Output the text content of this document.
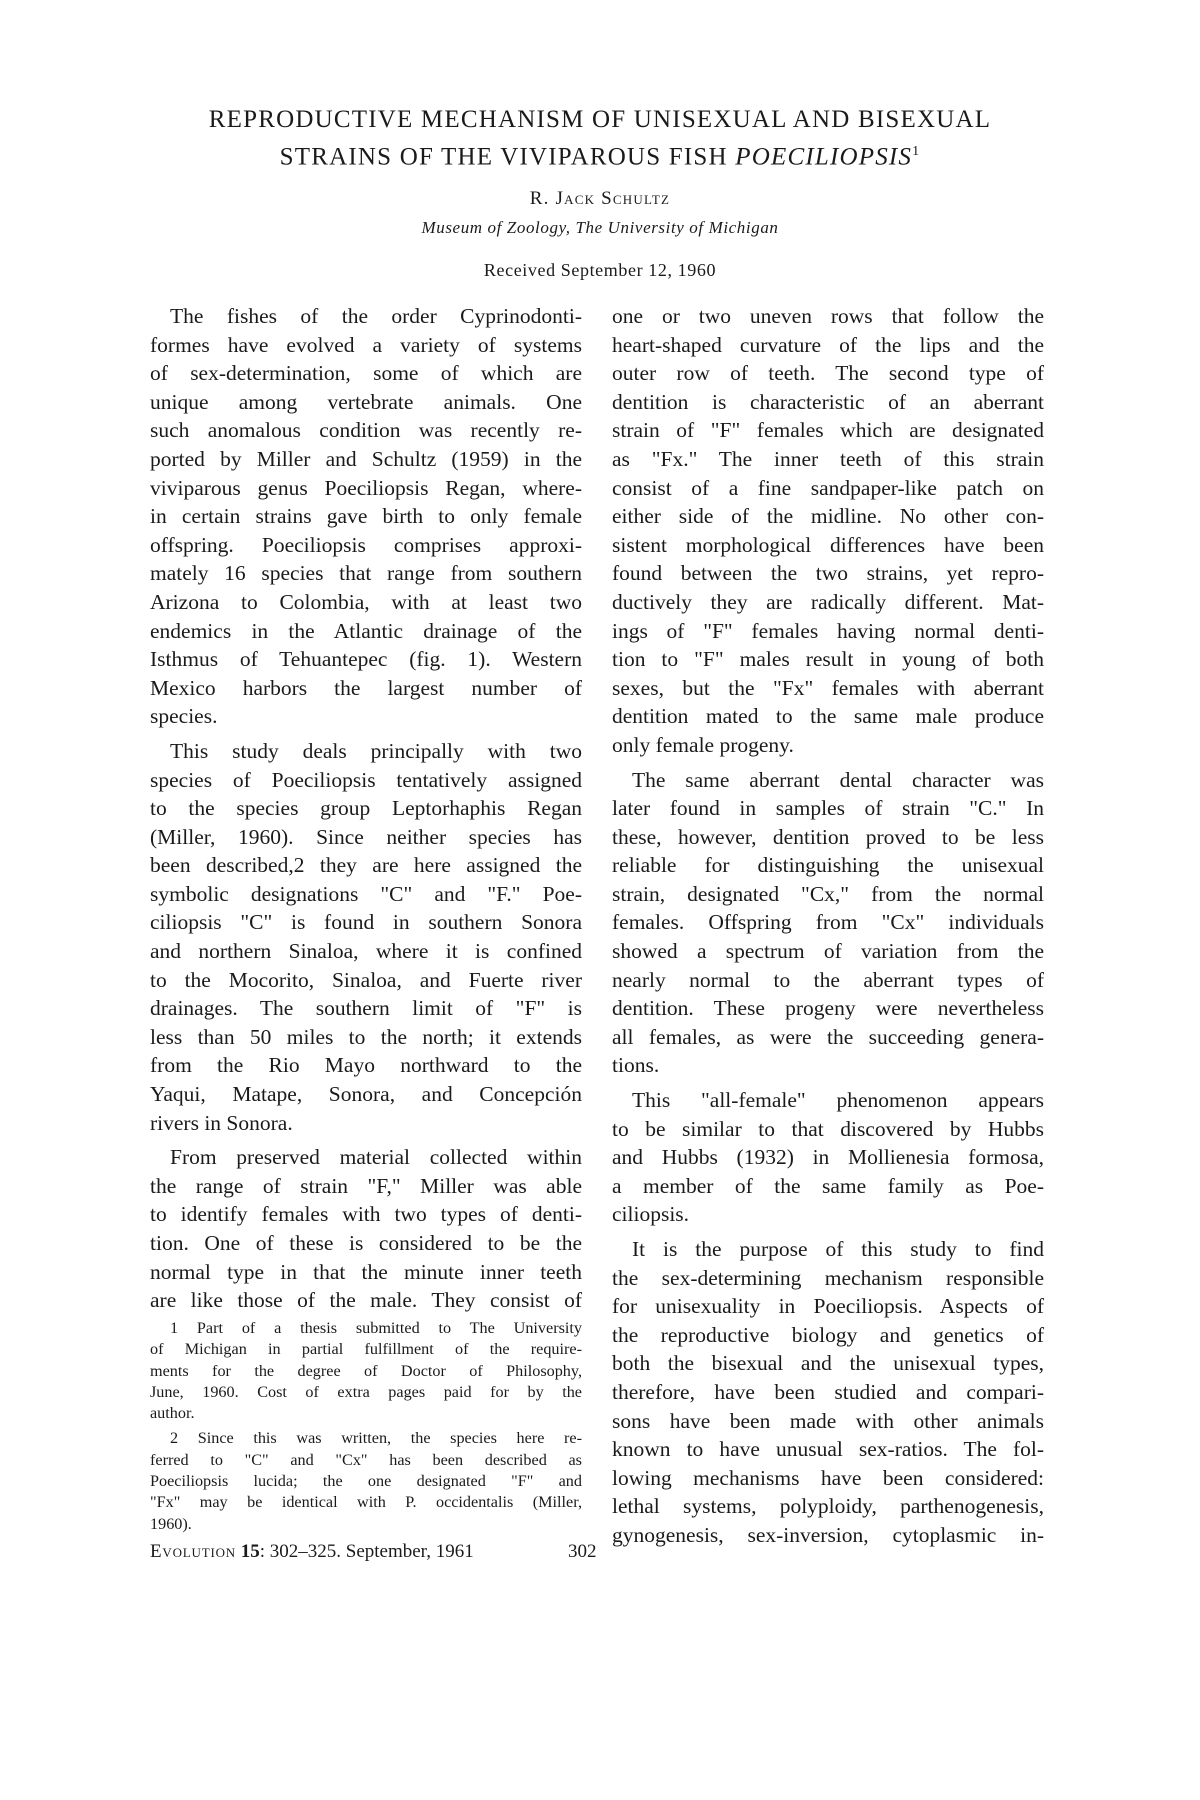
REPRODUCTIVE MECHANISM OF UNISEXUAL AND BISEXUAL
STRAINS OF THE VIVIPAROUS FISH POECILIOPSIS$^1$
R. Jack Schultz
Museum of Zoology, The University of Michigan
Received September 12, 1960
The fishes of the order Cyprinodonti-
formes have evolved a variety of systems
of sex-determination, some of which are
unique among vertebrate animals. One
such anomalous condition was recently re-
ported by Miller and Schultz (1959) in the
viviparous genus Poeciliopsis Regan, where-
in certain strains gave birth to only female
offspring. Poeciliopsis comprises approxi-
mately 16 species that range from southern
Arizona to Colombia, with at least two
endemics in the Atlantic drainage of the
Isthmus of Tehuantepec (fig. 1). Western
Mexico harbors the largest number of
species.
This study deals principally with two
species of Poeciliopsis tentatively assigned
to the species group Leptorhaphis Regan
(Miller, 1960). Since neither species has
been described,2 they are here assigned the
symbolic designations "C" and "F." Poe-
ciliopsis "C" is found in southern Sonora
and northern Sinaloa, where it is confined
to the Mocorito, Sinaloa, and Fuerte river
drainages. The southern limit of "F" is
less than 50 miles to the north; it extends
from the Rio Mayo northward to the
Yaqui, Matape, Sonora, and Concepción
rivers in Sonora.
From preserved material collected within
the range of strain "F," Miller was able
to identify females with two types of denti-
tion. One of these is considered to be the
normal type in that the minute inner teeth
are like those of the male. They consist of
1 Part of a thesis submitted to The University
of Michigan in partial fulfillment of the require-
ments for the degree of Doctor of Philosophy,
June, 1960. Cost of extra pages paid for by the
author.
2 Since this was written, the species here re-
ferred to "C" and "Cx" has been described as
Poeciliopsis lucida; the one designated "F" and
"Fx" may be identical with P. occidentalis (Miller,
1960).
one or two uneven rows that follow the
heart-shaped curvature of the lips and the
outer row of teeth. The second type of
dentition is characteristic of an aberrant
strain of "F" females which are designated
as "Fx." The inner teeth of this strain
consist of a fine sandpaper-like patch on
either side of the midline. No other con-
sistent morphological differences have been
found between the two strains, yet repro-
ductively they are radically different. Mat-
ings of "F" females having normal denti-
tion to "F" males result in young of both
sexes, but the "Fx" females with aberrant
dentition mated to the same male produce
only female progeny.
The same aberrant dental character was
later found in samples of strain "C." In
these, however, dentition proved to be less
reliable for distinguishing the unisexual
strain, designated "Cx," from the normal
females. Offspring from "Cx" individuals
showed a spectrum of variation from the
nearly normal to the aberrant types of
dentition. These progeny were nevertheless
all females, as were the succeeding genera-
tions.
This "all-female" phenomenon appears
to be similar to that discovered by Hubbs
and Hubbs (1932) in Mollienesia formosa,
a member of the same family as Poe-
ciliopsis.
It is the purpose of this study to find
the sex-determining mechanism responsible
for unisexuality in Poeciliopsis. Aspects of
the reproductive biology and genetics of
both the bisexual and the unisexual types,
therefore, have been studied and compari-
sons have been made with other animals
known to have unusual sex-ratios. The fol-
lowing mechanisms have been considered:
lethal systems, polyploidy, parthenogenesis,
gynogenesis, sex-inversion, cytoplasmic in-
Evolution 15: 302–325. September, 1961	302
